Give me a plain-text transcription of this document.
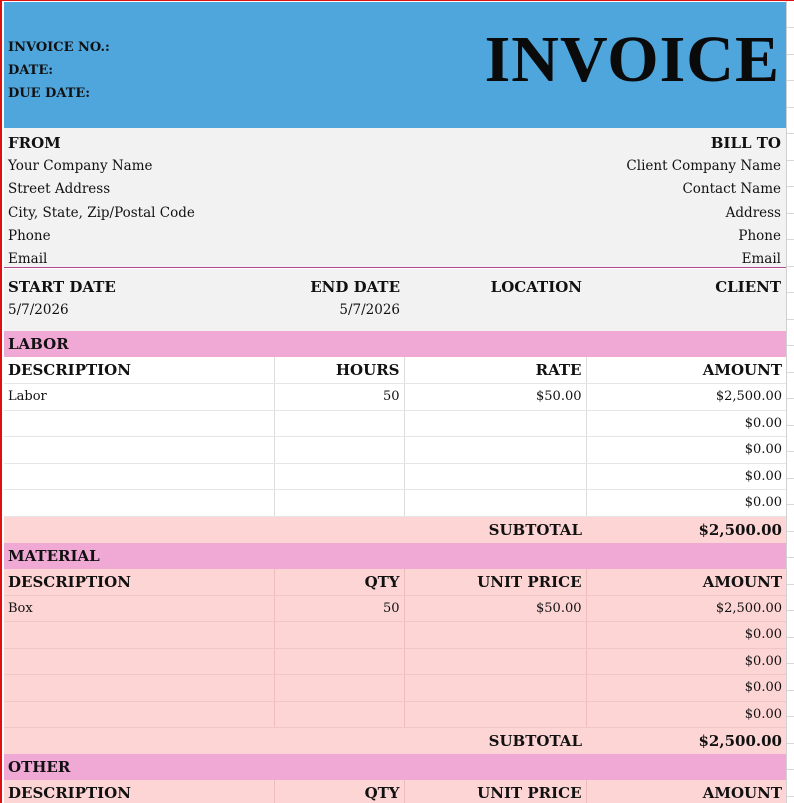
INVOICE NO.:
DATE:
DUE DATE:	INVOICE
FROM
Your Company Name
Street Address
City, State, Zip/Postal Code
Phone
Email
BILL TO
Client Company Name
Contact Name
Address
Phone
Email
START DATE	END DATE	LOCATION	CLIENT
5/7/2026	5/7/2026
LABOR
DESCRIPTION	HOURS	RATE	AMOUNT
Labor	50	$50.00	$2,500.00
			$0.00
			$0.00
			$0.00
			$0.00
		SUBTOTAL	$2,500.00
MATERIAL
DESCRIPTION	QTY	UNIT PRICE	AMOUNT
Box	50	$50.00	$2,500.00
			$0.00
			$0.00
			$0.00
			$0.00
		SUBTOTAL	$2,500.00
OTHER
DESCRIPTION	QTY	UNIT PRICE	AMOUNT
